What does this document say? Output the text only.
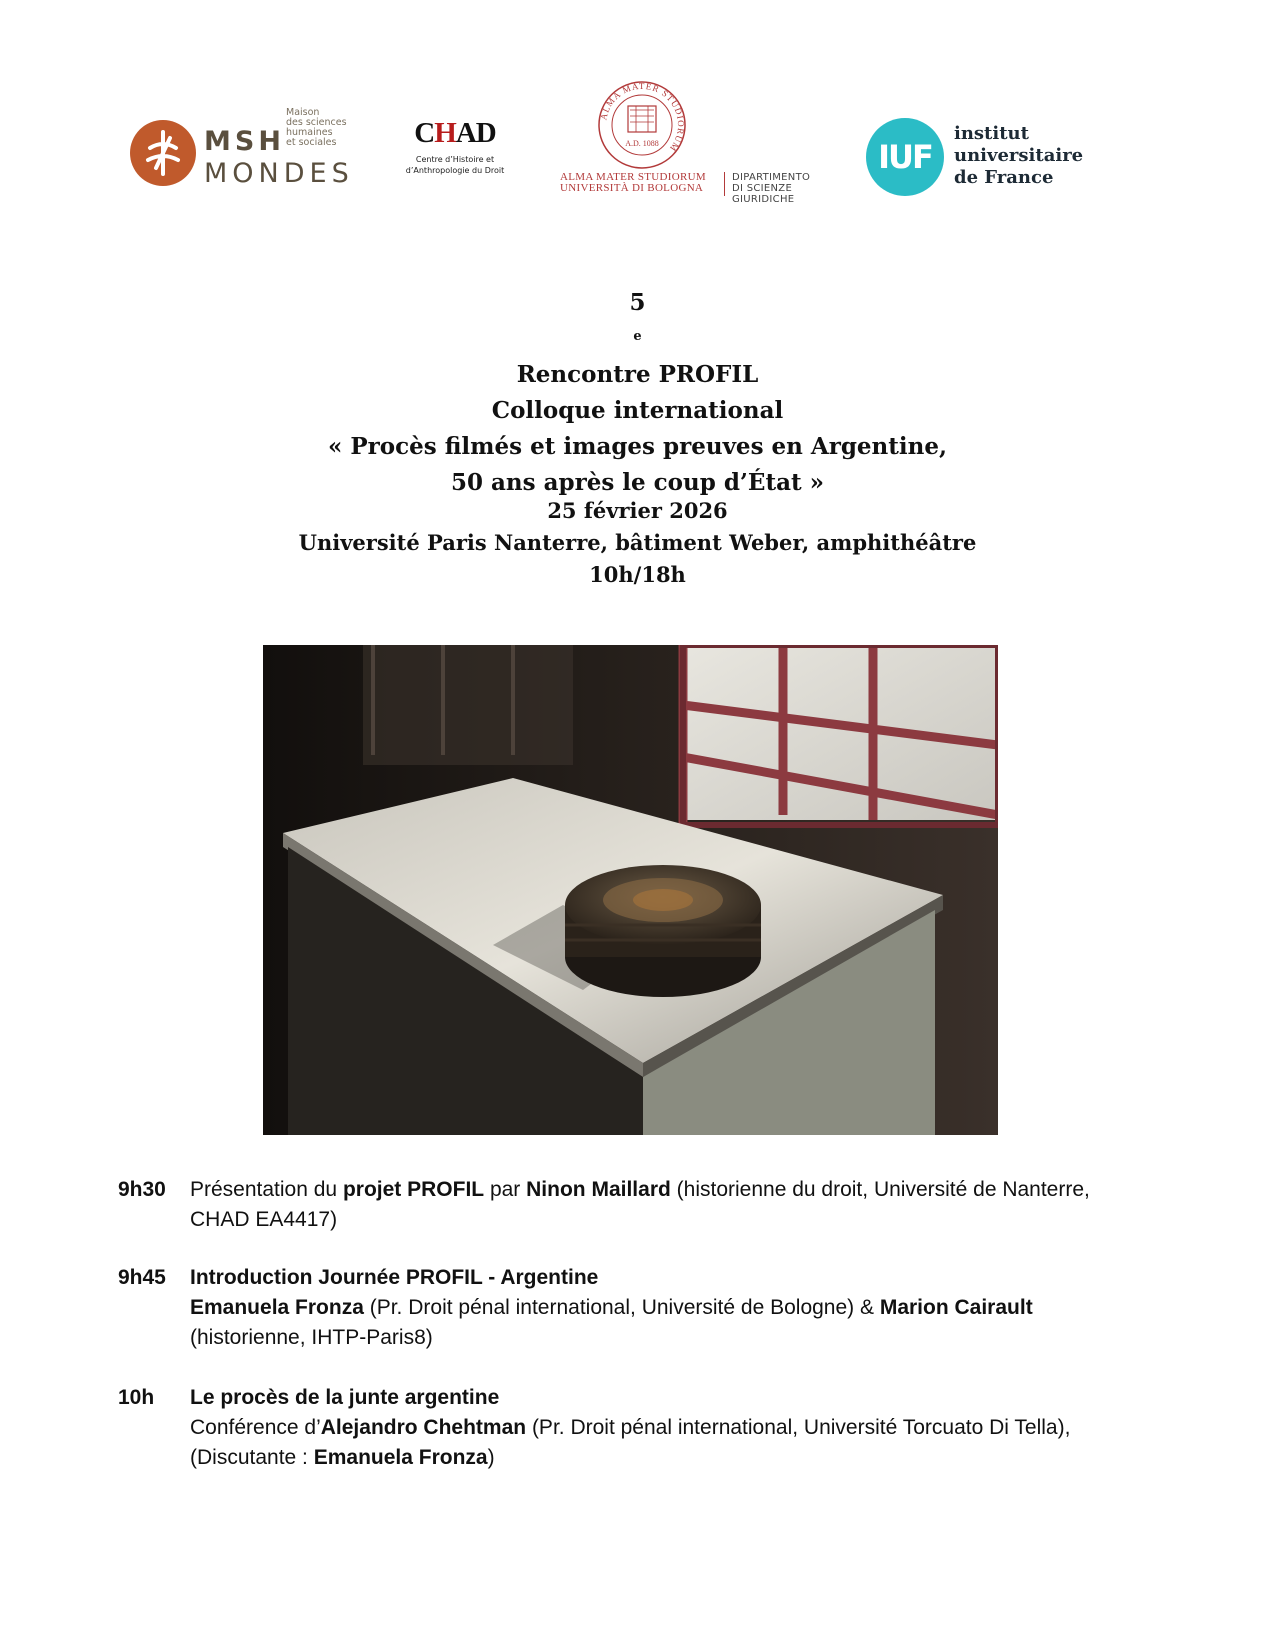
MSH
MONDES
Maison
des sciences
humaines
et sociales	CHAD
Centre d’Histoire et
d’Anthropologie du Droit
ALMA MATER STUDIORUM
A.D. 1088
ALMA MATER STUDIORUM
UNIVERSITÀ DI BOLOGNA
DIPARTIMENTO
DI SCIENZE GIURIDICHE
IUF
institut
universitaire
de France
5
$^e$
Rencontre PROFIL
Colloque international
« Procès filmés et images preuves en Argentine,
50 ans après le coup d’État »
25 février 2026
Université Paris Nanterre, bâtiment Weber, amphithéâtre
10h/18h
9h30	Présentation du projet PROFIL par Ninon Maillard (historienne du droit, Université de Nanterre,
CHAD EA4417)
9h45	Introduction Journée PROFIL - Argentine
Emanuela Fronza (Pr. Droit pénal international, Université de Bologne) & Marion Cairault
(historienne, IHTP-Paris8)
10h	Le procès de la junte argentine
Conférence d’Alejandro Chehtman (Pr. Droit pénal international, Université Torcuato Di Tella),
(Discutante : Emanuela Fronza)
